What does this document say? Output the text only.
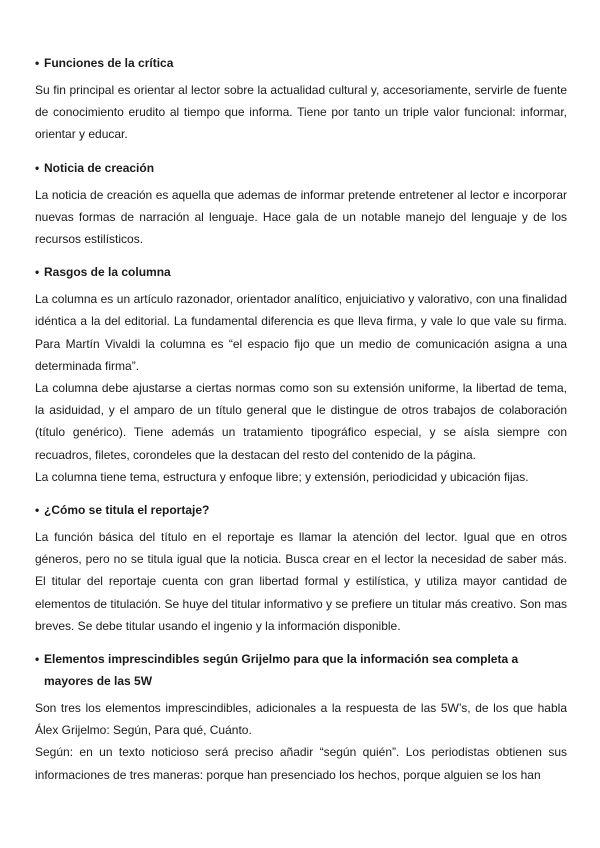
• Funciones de la crítica

Su fin principal es orientar al lector sobre la actualidad cultural y, accesoriamente, servirle de fuente de conocimiento erudito al tiempo que informa. Tiene por tanto un triple valor funcional: informar, orientar y educar.

• Noticia de creación

La noticia de creación es aquella que ademas de informar pretende entretener al lector e incorporar nuevas formas de narración al lenguaje. Hace gala de un notable manejo del lenguaje y de los recursos estilísticos.

• Rasgos de la columna

La columna es un artículo razonador, orientador analítico, enjuiciativo y valorativo, con una finalidad idéntica a la del editorial. La fundamental diferencia es que lleva firma, y vale lo que vale su firma. Para Martín Vivaldi la columna es “el espacio fijo que un medio de comunicación asigna a una determinada firma”.

La columna debe ajustarse a ciertas normas como son su extensión uniforme, la libertad de tema, la asiduidad, y el amparo de un título general que le distingue de otros trabajos de colaboración (título genérico). Tiene además un tratamiento tipográfico especial, y se aísla siempre con recuadros, filetes, corondeles que la destacan del resto del contenido de la página.

La columna tiene tema, estructura y enfoque libre; y extensión, periodicidad y ubicación fijas.

• ¿Cómo se titula el reportaje?

La función básica del título en el reportaje es llamar la atención del lector. Igual que en otros géneros, pero no se titula igual que la noticia. Busca crear en el lector la necesidad de saber más. El titular del reportaje cuenta con gran libertad formal y estilística, y utiliza mayor cantidad de elementos de titulación. Se huye del titular informativo y se prefiere un titular más creativo. Son mas breves. Se debe titular usando el ingenio y la información disponible.

• Elementos imprescindibles según Grijelmo para que la información sea completa a mayores de las 5W

Son tres los elementos imprescindibles, adicionales a la respuesta de las 5W’s, de los que habla Álex Grijelmo: Según, Para qué, Cuánto.

Según: en un texto noticioso será preciso añadir “según quién”. Los periodistas obtienen sus informaciones de tres maneras: porque han presenciado los hechos, porque alguien se los han
